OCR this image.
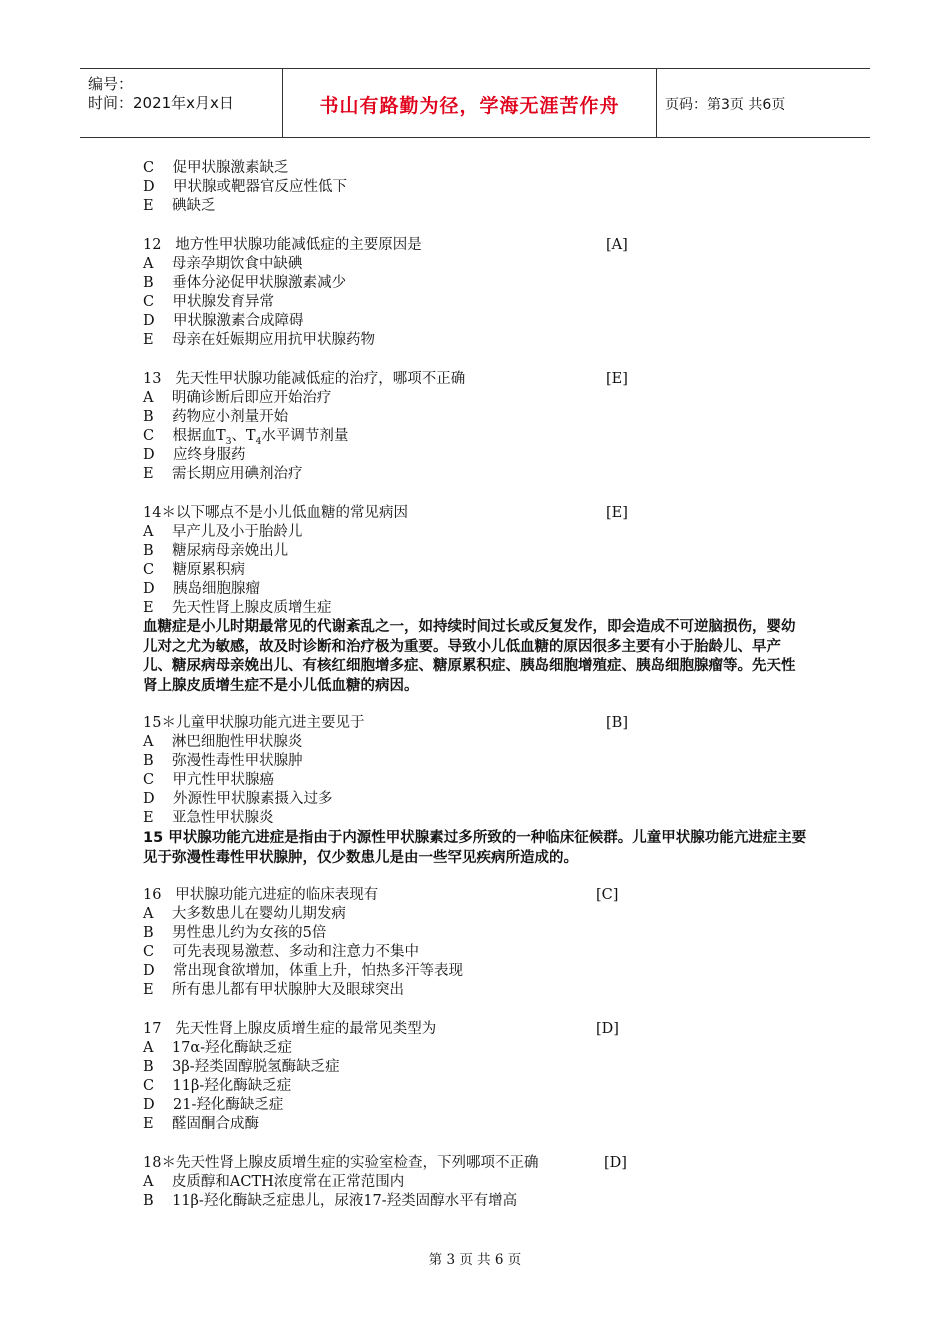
编号：
时间：2021年x月x日	书山有路勤为径，学海无涯苦作舟	页码：第3页 共6页
C    促甲状腺激素缺乏
D    甲状腺或靶器官反应性低下
E    碘缺乏
12   地方性甲状腺功能减低症的主要原因是	[A]
A    母亲孕期饮食中缺碘
B    垂体分泌促甲状腺激素减少
C    甲状腺发育异常
D    甲状腺激素合成障碍
E    母亲在妊娠期应用抗甲状腺药物
13   先天性甲状腺功能减低症的治疗，哪项不正确	[E]
A    明确诊断后即应开始治疗
B    药物应小剂量开始
C    根据血$T_3$、$T_4$水平调节剂量
D    应终身服药
E    需长期应用碘剂治疗
14＊以下哪点不是小儿低血糖的常见病因	[E]
A    早产儿及小于胎龄儿
B    糖尿病母亲娩出儿
C    糖原累积病
D    胰岛细胞腺瘤
E    先天性肾上腺皮质增生症
血糖症是小儿时期最常见的代谢紊乱之一，如持续时间过长或反复发作，即会造成不可逆脑损伤，婴幼儿对之尤为敏感，故及时诊断和治疗极为重要。导致小儿低血糖的原因很多主要有小于胎龄儿、早产儿、糖尿病母亲娩出儿、有核红细胞增多症、糖原累积症、胰岛细胞增殖症、胰岛细胞腺瘤等。先天性肾上腺皮质增生症不是小儿低血糖的病因。
15＊儿童甲状腺功能亢进主要见于	[B]
A    淋巴细胞性甲状腺炎
B    弥漫性毒性甲状腺肿
C    甲亢性甲状腺癌
D    外源性甲状腺素摄入过多
E    亚急性甲状腺炎
15 甲状腺功能亢进症是指由于内源性甲状腺素过多所致的一种临床征候群。儿童甲状腺功能亢进症主要见于弥漫性毒性甲状腺肿，仅少数患儿是由一些罕见疾病所造成的。
16   甲状腺功能亢进症的临床表现有	[C]
A    大多数患儿在婴幼儿期发病
B    男性患儿约为女孩的5倍
C    可先表现易激惹、多动和注意力不集中
D    常出现食欲增加，体重上升，怕热多汗等表现
E    所有患儿都有甲状腺肿大及眼球突出
17   先天性肾上腺皮质增生症的最常见类型为	[D]
A    17α-羟化酶缺乏症
B    3β-羟类固醇脱氢酶缺乏症
C    11β-羟化酶缺乏症
D    21-羟化酶缺乏症
E    醛固酮合成酶
18＊先天性肾上腺皮质增生症的实验室检查，下列哪项不正确	[D]
A    皮质醇和ACTH浓度常在正常范围内
B    11β-羟化酶缺乏症患儿，尿液17-羟类固醇水平有增高
第 3 页 共 6 页
